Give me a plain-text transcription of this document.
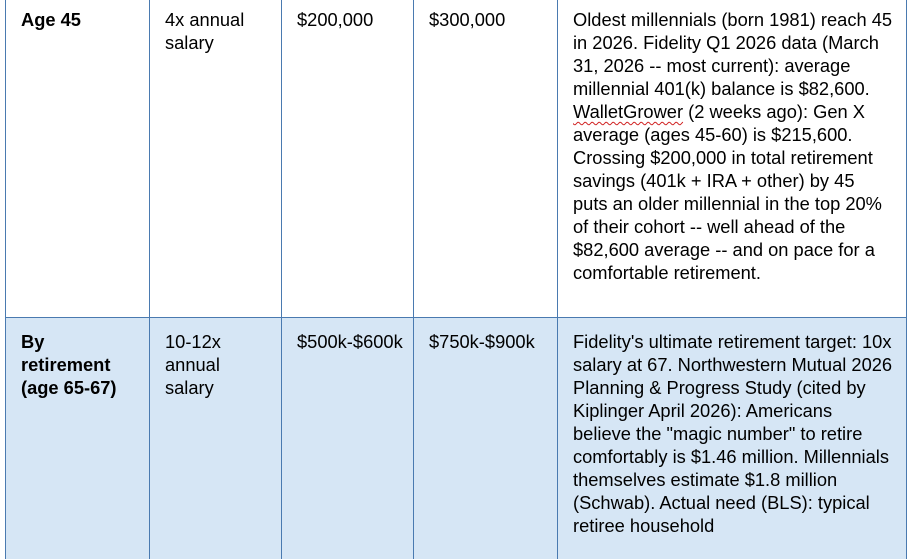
Age 45	4x annual salary	$200,000	$300,000	Oldest millennials (born 1981) reach 45 in 2026. Fidelity Q1 2026 data (March 31, 2026 -- most current): average millennial 401(k) balance is $82,600. WalletGrower (2 weeks ago): Gen X average (ages 45-60) is $215,600. Crossing $200,000 in total retirement savings (401k + IRA + other) by 45 puts an older millennial in the top 20% of their cohort -- well ahead of the $82,600 average -- and on pace for a comfortable retirement.
By retirement (age 65-67)	10-12x annual salary	$500k-$600k	$750k-$900k	Fidelity's ultimate retirement target: 10x salary at 67. Northwestern Mutual 2026 Planning & Progress Study (cited by Kiplinger April 2026): Americans believe the "magic number" to retire comfortably is $1.46 million. Millennials themselves estimate $1.8 million (Schwab). Actual need (BLS): typical retiree household
